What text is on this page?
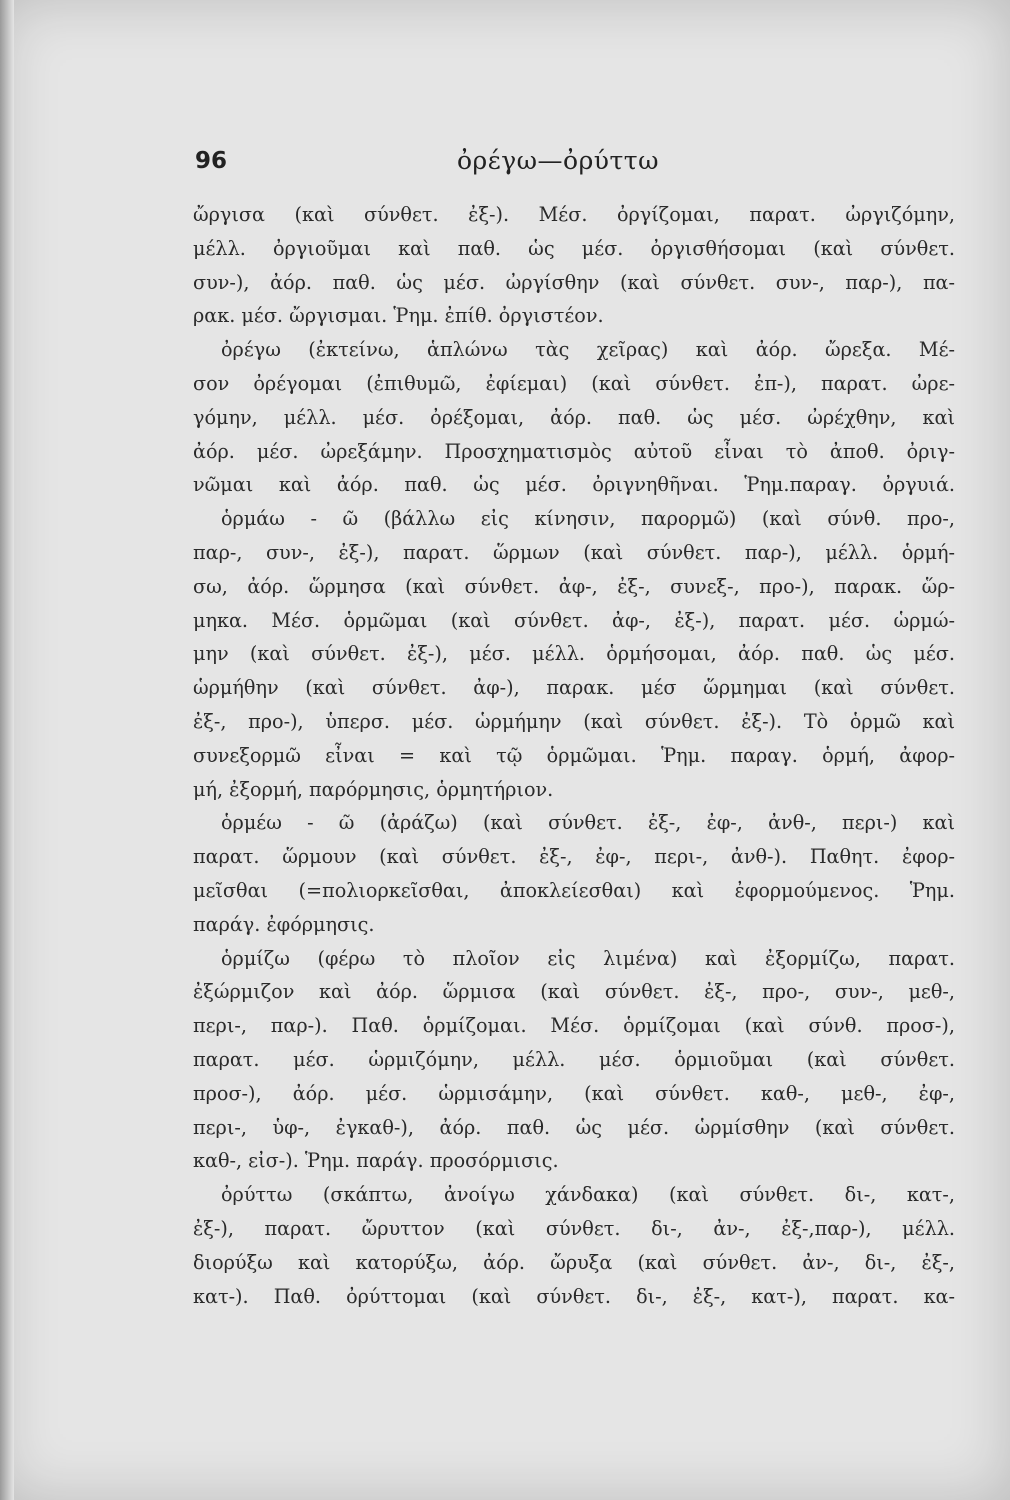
96	ὀρέγω—ὀρύττω
ὤργισα (καὶ σύνθετ. ἐξ-). Μέσ. ὀργίζομαι, παρατ. ὠργιζόμην,
μέλλ. ὀργιοῦμαι καὶ παθ. ὡς μέσ. ὀργισθήσομαι (καὶ σύνθετ.
συν-), ἀόρ. παθ. ὡς μέσ. ὠργίσθην (καὶ σύνθετ. συν-, παρ-), πα-
ρακ. μέσ. ὤργισμαι. Ῥημ. ἐπίθ. ὀργιστέον.
ὀρέγω (ἐκτείνω, ἁπλώνω τὰς χεῖρας) καὶ ἀόρ. ὤρεξα. Μέ-
σον ὀρέγομαι (ἐπιθυμῶ, ἐφίεμαι) (καὶ σύνθετ. ἐπ-), παρατ. ὠρε-
γόμην, μέλλ. μέσ. ὀρέξομαι, ἀόρ. παθ. ὡς μέσ. ὠρέχθην, καὶ
ἀόρ. μέσ. ὠρεξάμην. Προσχηματισμὸς αὐτοῦ εἶναι τὸ ἀποθ. ὀριγ-
νῶμαι καὶ ἀόρ. παθ. ὡς μέσ. ὀριγνηθῆναι. Ῥημ.παραγ. ὀργυιά.
ὁρμάω - ῶ (βάλλω εἰς κίνησιν, παρορμῶ) (καὶ σύνθ. προ-,
παρ-, συν-, ἐξ-), παρατ. ὥρμων (καὶ σύνθετ. παρ-), μέλλ. ὁρμή-
σω, ἀόρ. ὥρμησα (καὶ σύνθετ. ἀφ-, ἐξ-, συνεξ-, προ-), παρακ. ὥρ-
μηκα. Μέσ. ὁρμῶμαι (καὶ σύνθετ. ἀφ-, ἐξ-), παρατ. μέσ. ὡρμώ-
μην (καὶ σύνθετ. ἐξ-), μέσ. μέλλ. ὁρμήσομαι, ἀόρ. παθ. ὡς μέσ.
ὡρμήθην (καὶ σύνθετ. ἀφ-), παρακ. μέσ ὥρμημαι (καὶ σύνθετ.
ἐξ-, προ-), ὑπερσ. μέσ. ὡρμήμην (καὶ σύνθετ. ἐξ-). Τὸ ὁρμῶ καὶ
συνεξορμῶ εἶναι = καὶ τῷ ὁρμῶμαι. Ῥημ. παραγ. ὁρμή, ἀφορ-
μή, ἐξορμή, παρόρμησις, ὁρμητήριον.
ὁρμέω - ῶ (ἀράζω) (καὶ σύνθετ. ἐξ-, ἐφ-, ἀνθ-, περι-) καὶ
παρατ. ὥρμουν (καὶ σύνθετ. ἐξ-, ἐφ-, περι-, ἀνθ-). Παθητ. ἐφορ-
μεῖσθαι (=πολιορκεῖσθαι, ἀποκλείεσθαι) καὶ ἐφορμούμενος. Ῥημ.
παράγ. ἐφόρμησις.
ὁρμίζω (φέρω τὸ πλοῖον εἰς λιμένα) καὶ ἐξορμίζω, παρατ.
ἐξώρμιζον καὶ ἀόρ. ὥρμισα (καὶ σύνθετ. ἐξ-, προ-, συν-, μεθ-,
περι-, παρ-). Παθ. ὁρμίζομαι. Μέσ. ὁρμίζομαι (καὶ σύνθ. προσ-),
παρατ. μέσ. ὡρμιζόμην, μέλλ. μέσ. ὁρμιοῦμαι (καὶ σύνθετ.
προσ-), ἀόρ. μέσ. ὡρμισάμην, (καὶ σύνθετ. καθ-, μεθ-, ἐφ-,
περι-, ὑφ-, ἐγκαθ-), ἀόρ. παθ. ὡς μέσ. ὡρμίσθην (καὶ σύνθετ.
καθ-, εἰσ-). Ῥημ. παράγ. προσόρμισις.
ὀρύττω (σκάπτω, ἀνοίγω χάνδακα) (καὶ σύνθετ. δι-, κατ-,
ἐξ-), παρατ. ὤρυττον (καὶ σύνθετ. δι-, ἀν-, ἐξ-,παρ-), μέλλ.
διορύξω καὶ κατορύξω, ἀόρ. ὤρυξα (καὶ σύνθετ. ἀν-, δι-, ἐξ-,
κατ-). Παθ. ὀρύττομαι (καὶ σύνθετ. δι-, ἐξ-, κατ-), παρατ. κα-
